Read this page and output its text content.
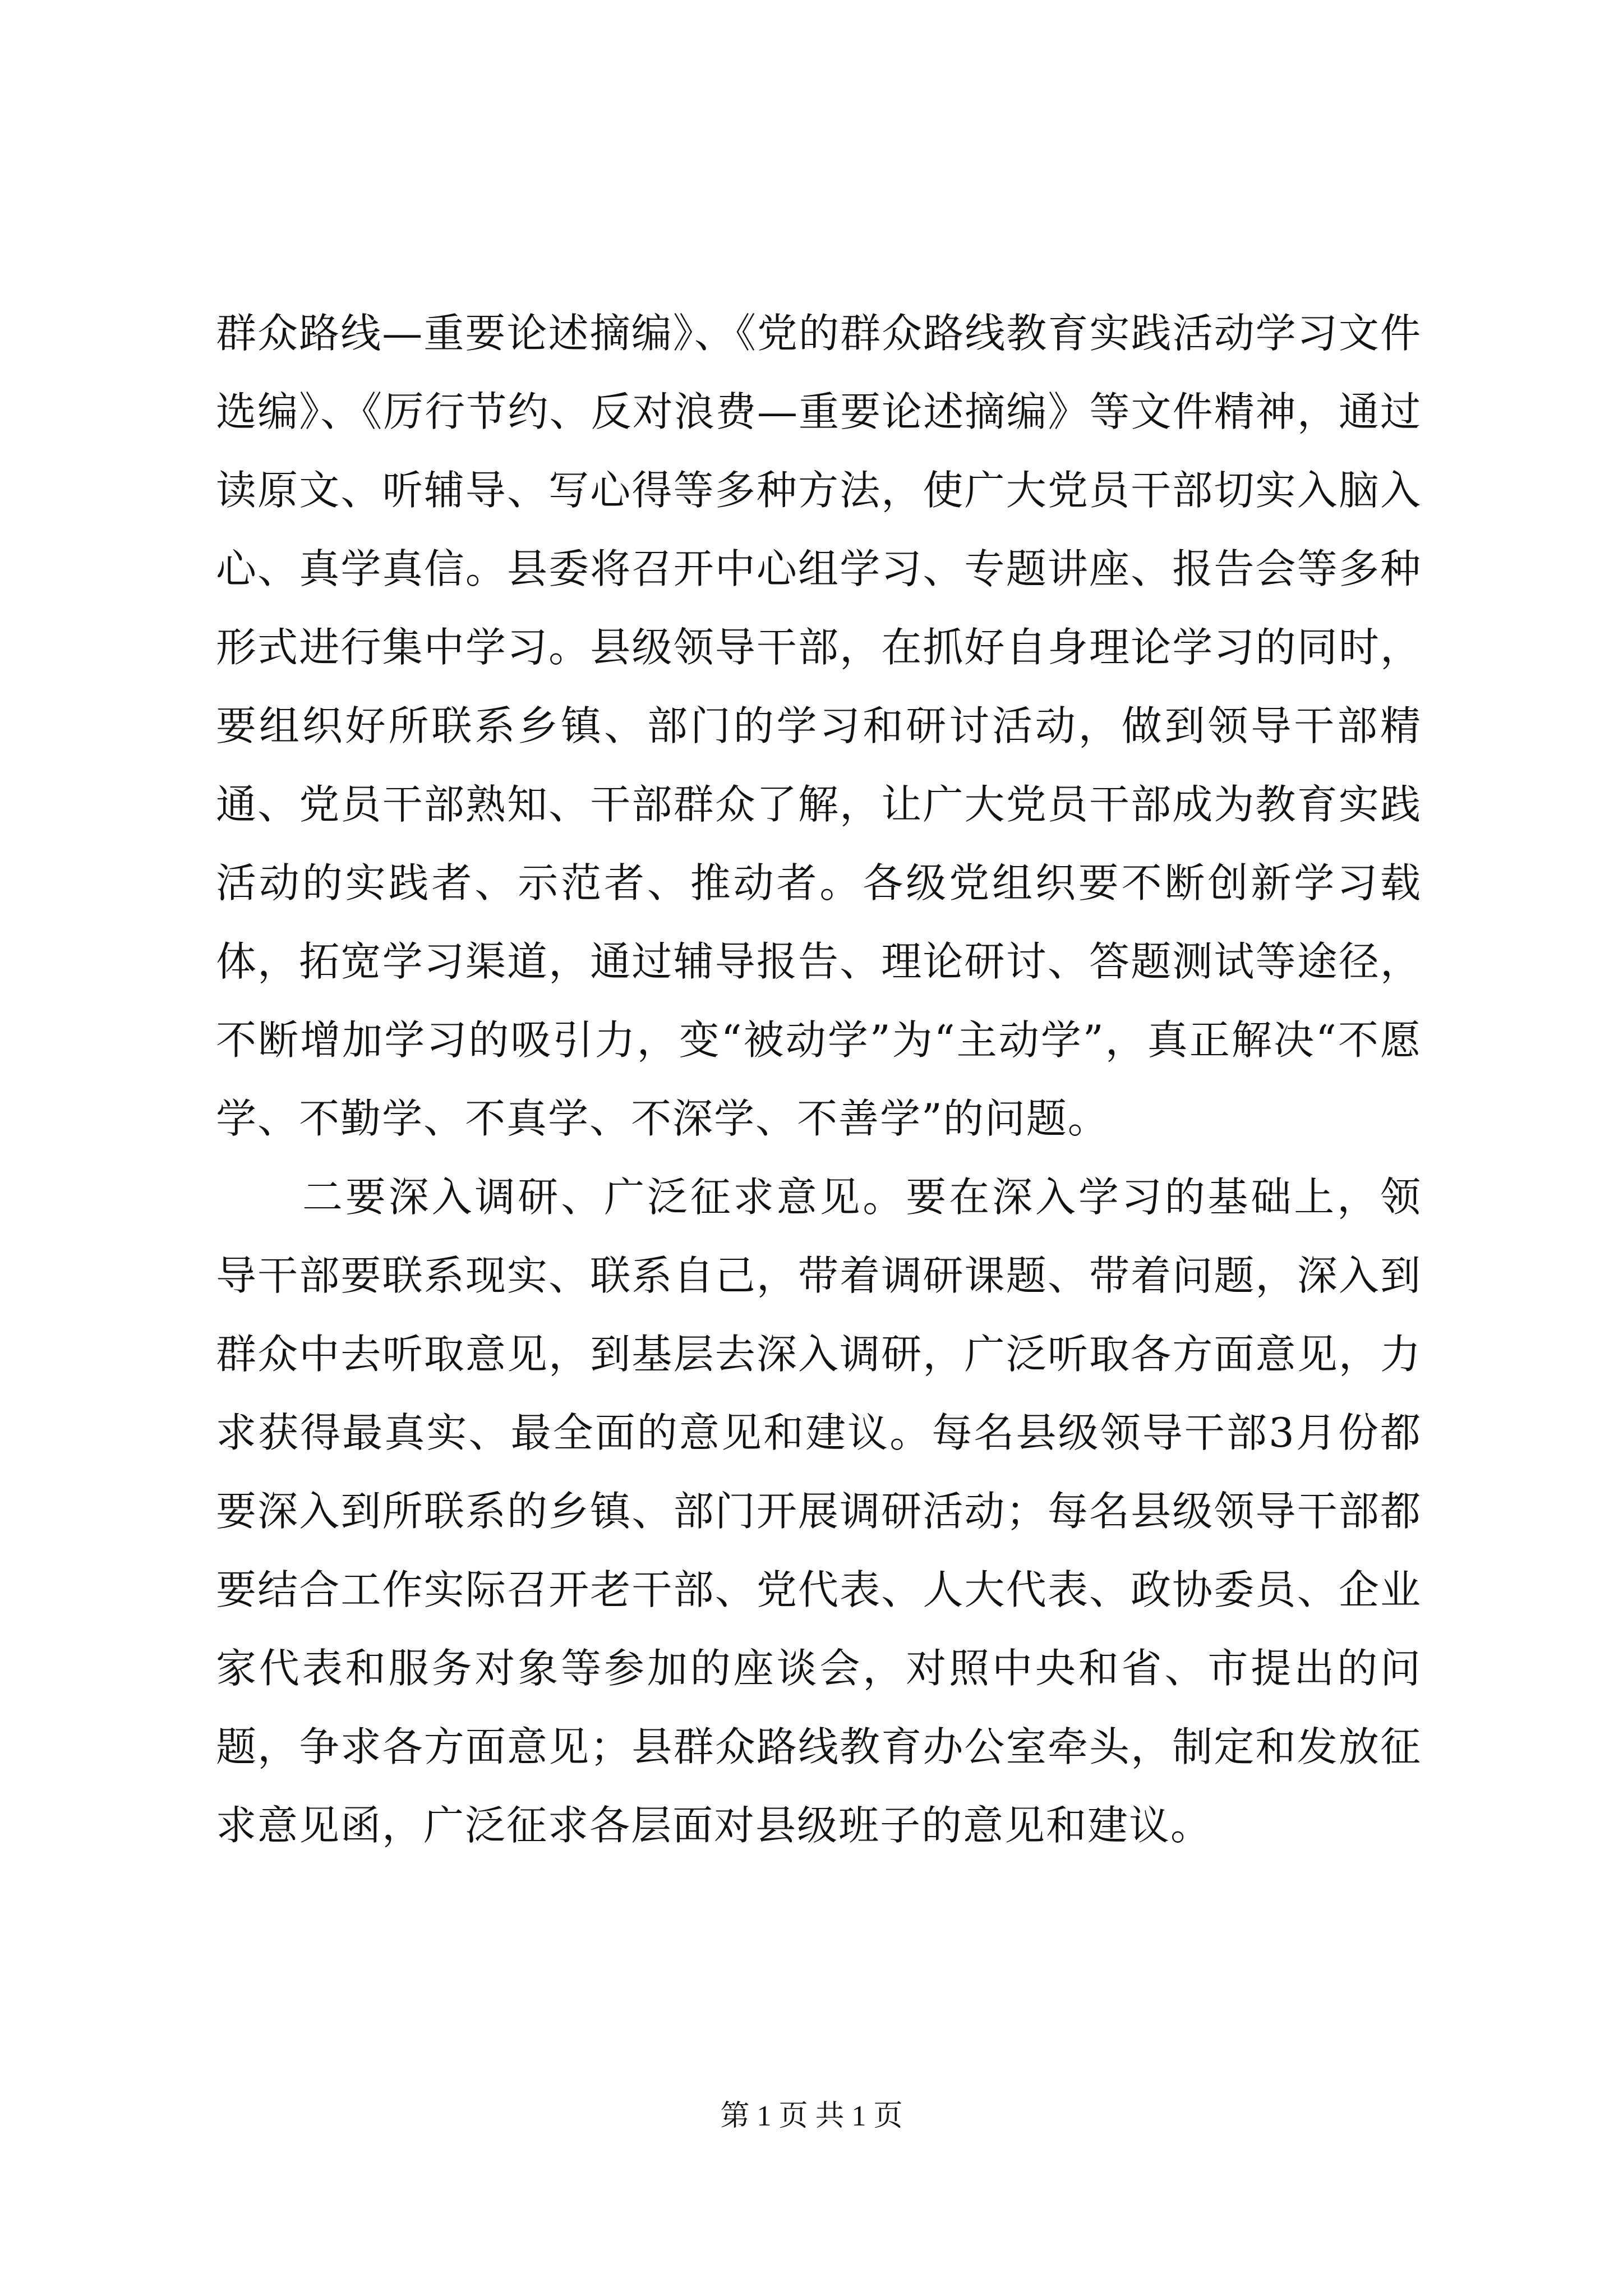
群众路线—重要论述摘编》、《党的群众路线教育实践活动学习文件选编》、《厉行节约、反对浪费—重要论述摘编》等文件精神，通过读原文、听辅导、写心得等多种方法，使广大党员干部切实入脑入心、真学真信。县委将召开中心组学习、专题讲座、报告会等多种形式进行集中学习。县级领导干部，在抓好自身理论学习的同时，要组织好所联系乡镇、部门的学习和研讨活动，做到领导干部精通、党员干部熟知、干部群众了解，让广大党员干部成为教育实践活动的实践者、示范者、推动者。各级党组织要不断创新学习载体，拓宽学习渠道，通过辅导报告、理论研讨、答题测试等途径，不断增加学习的吸引力，变“被动学”为“主动学”，真正解决“不愿学、不勤学、不真学、不深学、不善学”的问题。

二要深入调研、广泛征求意见。要在深入学习的基础上，领导干部要联系现实、联系自己，带着调研课题、带着问题，深入到群众中去听取意见，到基层去深入调研，广泛听取各方面意见，力求获得最真实、最全面的意见和建议。每名县级领导干部3月份都要深入到所联系的乡镇、部门开展调研活动；每名县级领导干部都要结合工作实际召开老干部、党代表、人大代表、政协委员、企业家代表和服务对象等参加的座谈会，对照中央和省、市提出的问题，争求各方面意见；县群众路线教育办公室牵头，制定和发放征求意见函，广泛征求各层面对县级班子的意见和建议。

第 1 页 共 1 页
